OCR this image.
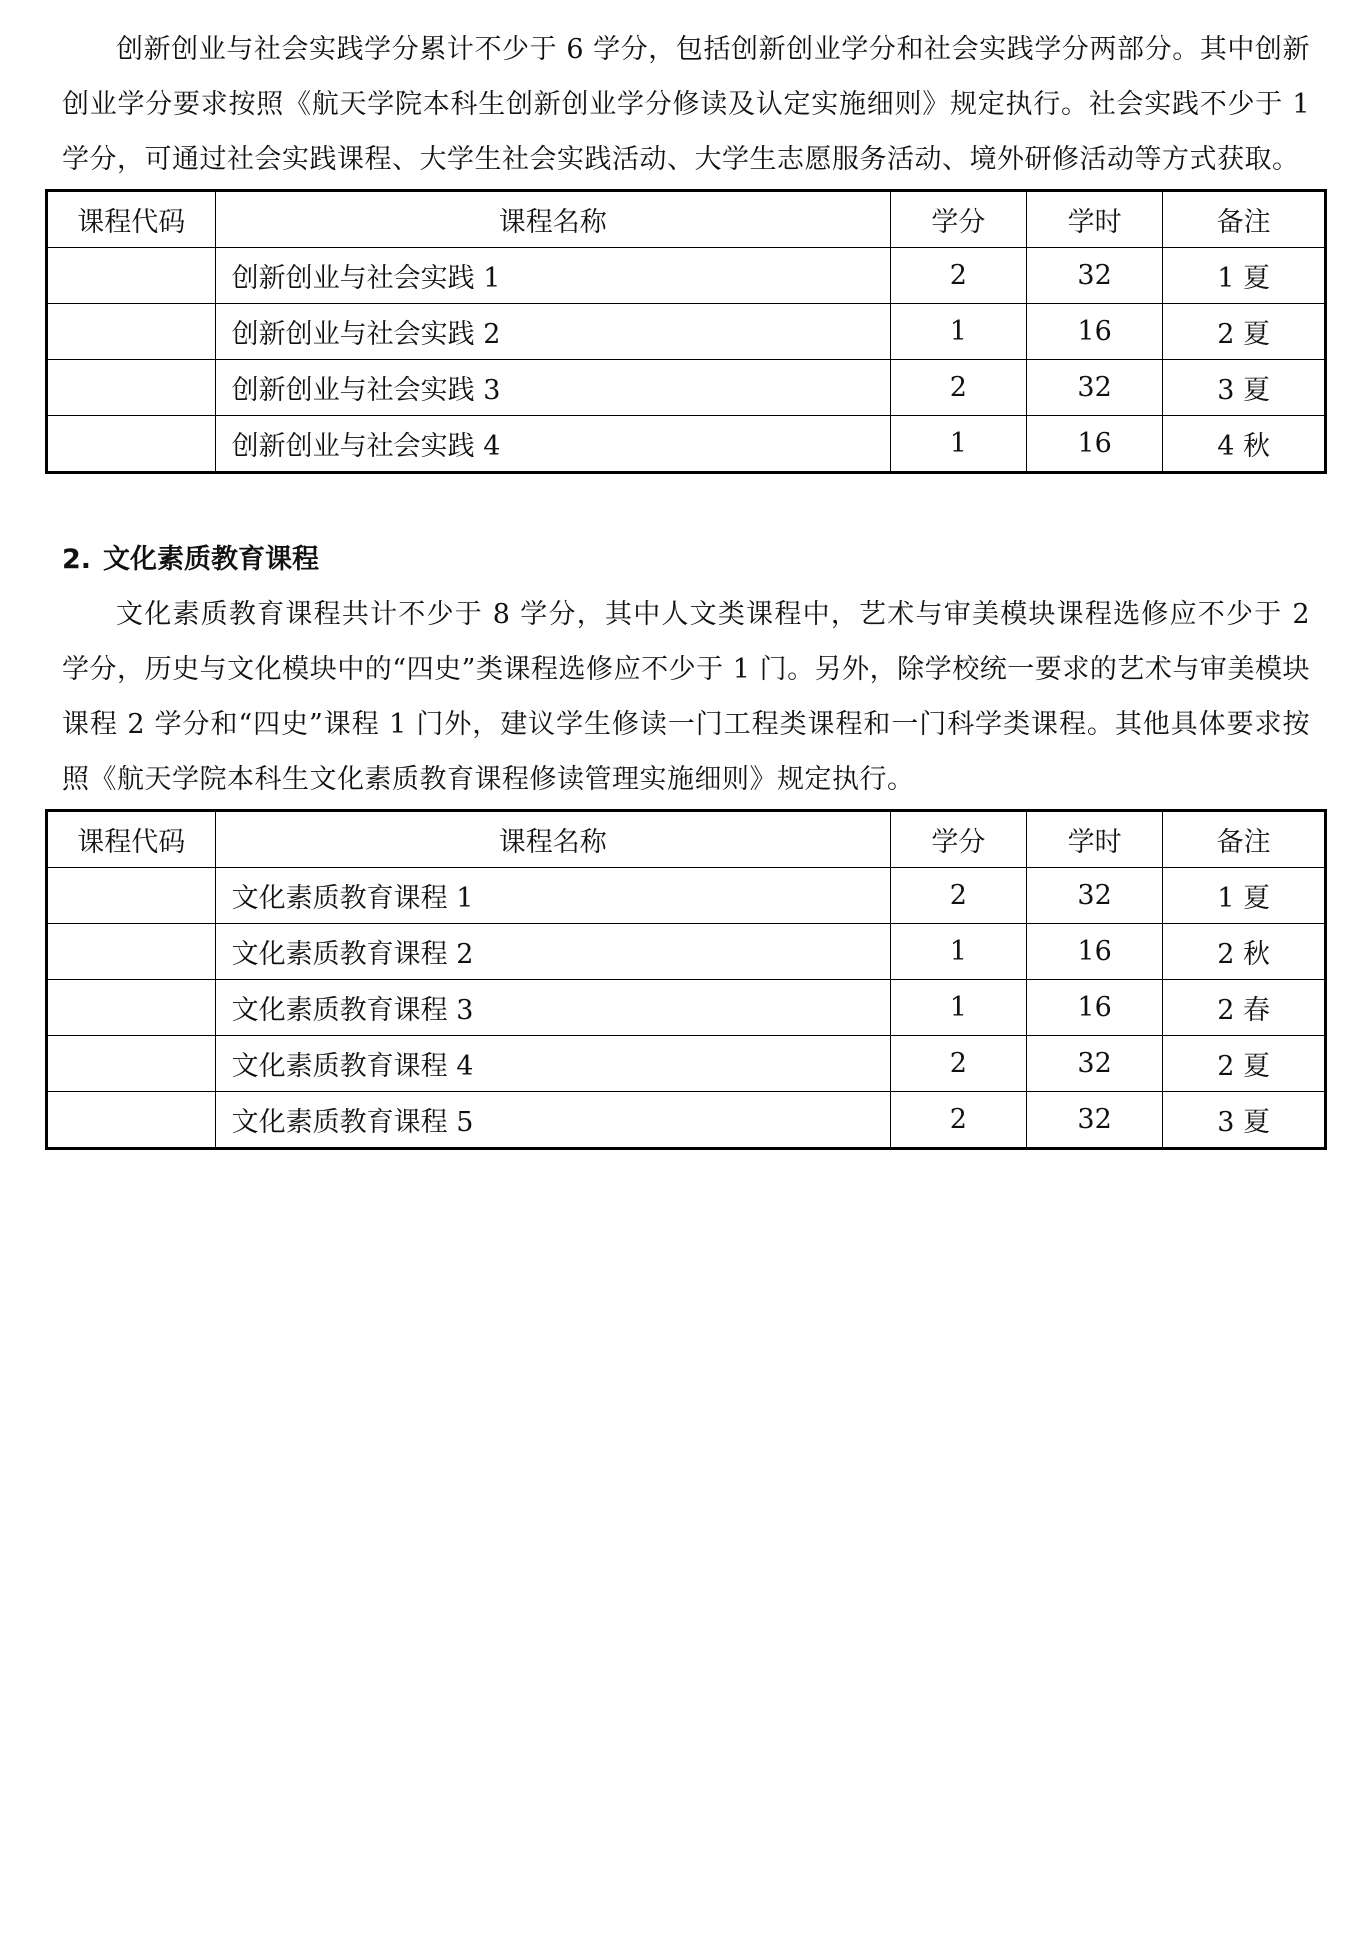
创新创业与社会实践学分累计不少于 6 学分，包括创新创业学分和社会实践学分两部分。其中创新创业学分要求按照《航天学院本科生创新创业学分修读及认定实施细则》规定执行。社会实践不少于 1 学分，可通过社会实践课程、大学生社会实践活动、大学生志愿服务活动、境外研修活动等方式获取。

课程代码	课程名称	学分	学时	备注
	创新创业与社会实践 1	2	32	1 夏
	创新创业与社会实践 2	1	16	2 夏
	创新创业与社会实践 3	2	32	3 夏
	创新创业与社会实践 4	1	16	4 秋
2. 文化素质教育课程

文化素质教育课程共计不少于 8 学分，其中人文类课程中，艺术与审美模块课程选修应不少于 2 学分，历史与文化模块中的“四史”类课程选修应不少于 1 门。另外，除学校统一要求的艺术与审美模块课程 2 学分和“四史”课程 1 门外，建议学生修读一门工程类课程和一门科学类课程。其他具体要求按照《航天学院本科生文化素质教育课程修读管理实施细则》规定执行。

课程代码	课程名称	学分	学时	备注
	文化素质教育课程 1	2	32	1 夏
	文化素质教育课程 2	1	16	2 秋
	文化素质教育课程 3	1	16	2 春
	文化素质教育课程 4	2	32	2 夏
	文化素质教育课程 5	2	32	3 夏
